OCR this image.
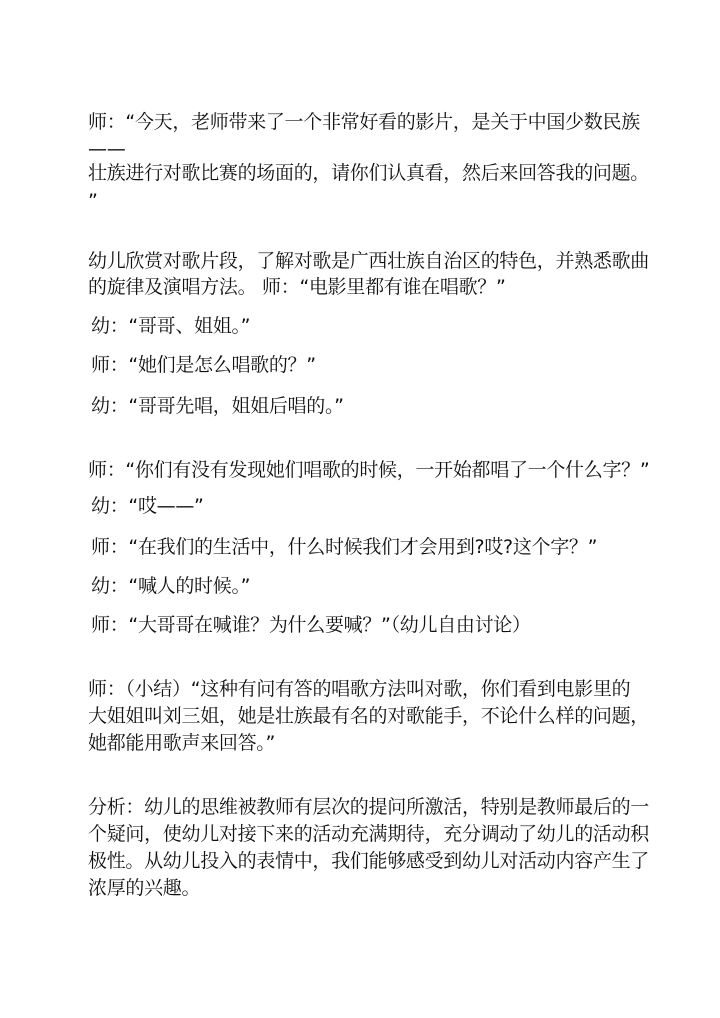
师：“今天，老师带来了一个非常好看的影片，是关于中国少数民族
——
壮族进行对歌比赛的场面的，请你们认真看，然后来回答我的问题。
”
幼儿欣赏对歌片段，了解对歌是广西壮族自治区的特色，并熟悉歌曲
的旋律及演唱方法。 师：“电影里都有谁在唱歌？”
幼：“哥哥、姐姐。”
师：“她们是怎么唱歌的？”
幼：“哥哥先唱，姐姐后唱的。”
师：“你们有没有发现她们唱歌的时候，一开始都唱了一个什么字？”
幼：“哎——”
师：“在我们的生活中，什么时候我们才会用到?哎?这个字？”
幼：“喊人的时候。”
师：“大哥哥在喊谁？为什么要喊？”（幼儿自由讨论）
师：（小结）“这种有问有答的唱歌方法叫对歌，你们看到电影里的
大姐姐叫刘三姐，她是壮族最有名的对歌能手，不论什么样的问题，
她都能用歌声来回答。”
分析：幼儿的思维被教师有层次的提问所激活，特别是教师最后的一
个疑问，使幼儿对接下来的活动充满期待，充分调动了幼儿的活动积
极性。从幼儿投入的表情中，我们能够感受到幼儿对活动内容产生了
浓厚的兴趣。
